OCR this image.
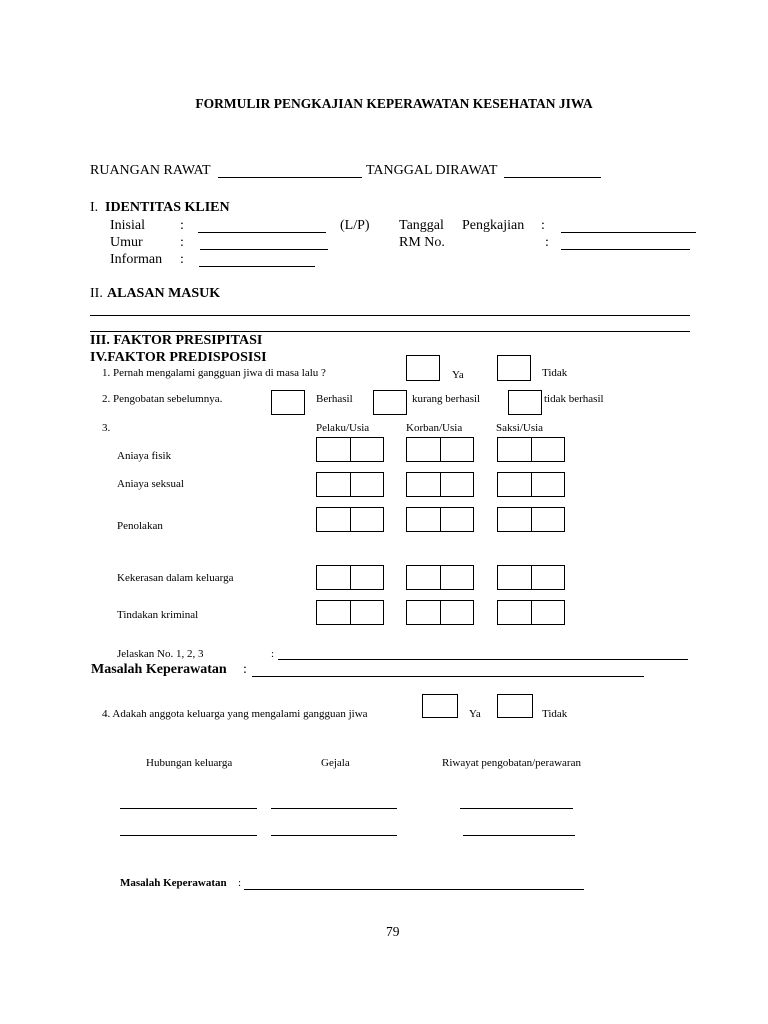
FORMULIR PENGKAJIAN KEPERAWATAN KESEHATAN JIWA
RUANGAN RAWAT	TANGGAL DIRAWAT
I. IDENTITAS KLIEN
Inisial	:	(L/P) Tanggal Pengkajian :
Umur	:	RM No.	:
Informan :
II. ALASAN MASUK
III. FAKTOR PRESIPITASI
IV.FAKTOR PREDISPOSISI
1. Pernah mengalami gangguan jiwa di masa lalu ?	Ya	Tidak
2. Pengobatan sebelumnya.	Berhasil	kurang berhasil	tidak berhasil
3.	Pelaku/Usia	Korban/Usia	Saksi/Usia
Aniaya fisik
Aniaya seksual
Penolakan
Kekerasan dalam keluarga
Tindakan kriminal
Jelaskan No. 1, 2, 3	:
Masalah Keperawatan :
4. Adakah anggota keluarga yang mengalami gangguan jiwa	Ya	Tidak
Hubungan keluarga	Gejala	Riwayat pengobatan/perawaran
Masalah Keperawatan :
79
